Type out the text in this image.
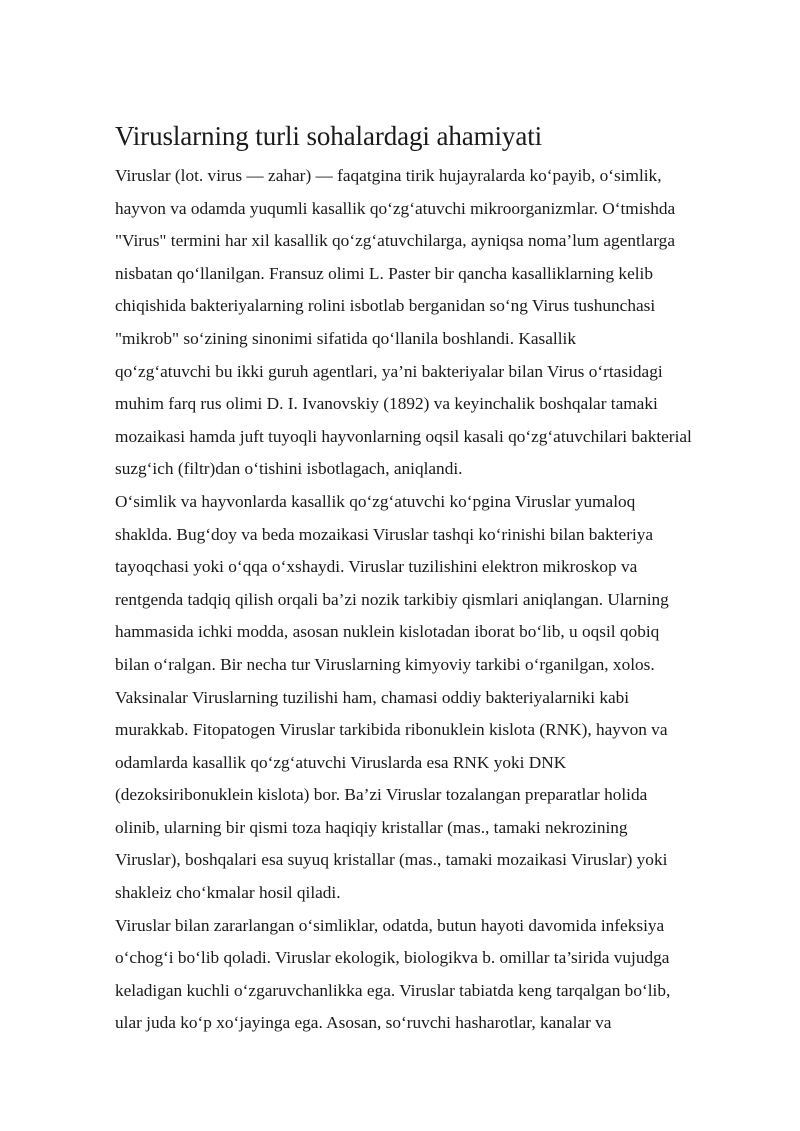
Viruslarning turli sohalardagi ahamiyati

Viruslar (lot. virus — zahar) — faqatgina tirik hujayralarda ko‘payib, o‘simlik,
hayvon va odamda yuqumli kasallik qo‘zg‘atuvchi mikroorganizmlar. O‘tmishda
"Virus" termini har xil kasallik qo‘zg‘atuvchilarga, ayniqsa noma’lum agentlarga
nisbatan qo‘llanilgan. Fransuz olimi L. Paster bir qancha kasalliklarning kelib
chiqishida bakteriyalarning rolini isbotlab berganidan so‘ng Virus tushunchasi
"mikrob" so‘zining sinonimi sifatida qo‘llanila boshlandi. Kasallik
qo‘zg‘atuvchi bu ikki guruh agentlari, ya’ni bakteriyalar bilan Virus o‘rtasidagi
muhim farq rus olimi D. I. Ivanovskiy (1892) va keyinchalik boshqalar tamaki
mozaikasi hamda juft tuyoqli hayvonlarning oqsil kasali qo‘zg‘atuvchilari bakterial
suzg‘ich (filtr)dan o‘tishini isbotlagach, aniqlandi.

O‘simlik va hayvonlarda kasallik qo‘zg‘atuvchi ko‘pgina Viruslar yumaloq
shaklda. Bug‘doy va beda mozaikasi Viruslar tashqi ko‘rinishi bilan bakteriya
tayoqchasi yoki o‘qqa o‘xshaydi. Viruslar tuzilishini elektron mikroskop va
rentgenda tadqiq qilish orqali ba’zi nozik tarkibiy qismlari aniqlangan. Ularning
hammasida ichki modda, asosan nuklein kislotadan iborat bo‘lib, u oqsil qobiq
bilan o‘ralgan. Bir necha tur Viruslarning kimyoviy tarkibi o‘rganilgan, xolos.
Vaksinalar Viruslarning tuzilishi ham, chamasi oddiy bakteriyalarniki kabi
murakkab. Fitopatogen Viruslar tarkibida ribonuklein kislota (RNK), hayvon va
odamlarda kasallik qo‘zg‘atuvchi Viruslarda esa RNK yoki DNK
(dezoksiribonuklein kislota) bor. Ba’zi Viruslar tozalangan preparatlar holida
olinib, ularning bir qismi toza haqiqiy kristallar (mas., tamaki nekrozining
Viruslar), boshqalari esa suyuq kristallar (mas., tamaki mozaikasi Viruslar) yoki
shakleiz cho‘kmalar hosil qiladi.

Viruslar bilan zararlangan o‘simliklar, odatda, butun hayoti davomida infeksiya
o‘chog‘i bo‘lib qoladi. Viruslar ekologik, biologikva b. omillar ta’sirida vujudga
keladigan kuchli o‘zgaruvchanlikka ega. Viruslar tabiatda keng tarqalgan bo‘lib,
ular juda ko‘p xo‘jayinga ega. Asosan, so‘ruvchi hasharotlar, kanalar va
